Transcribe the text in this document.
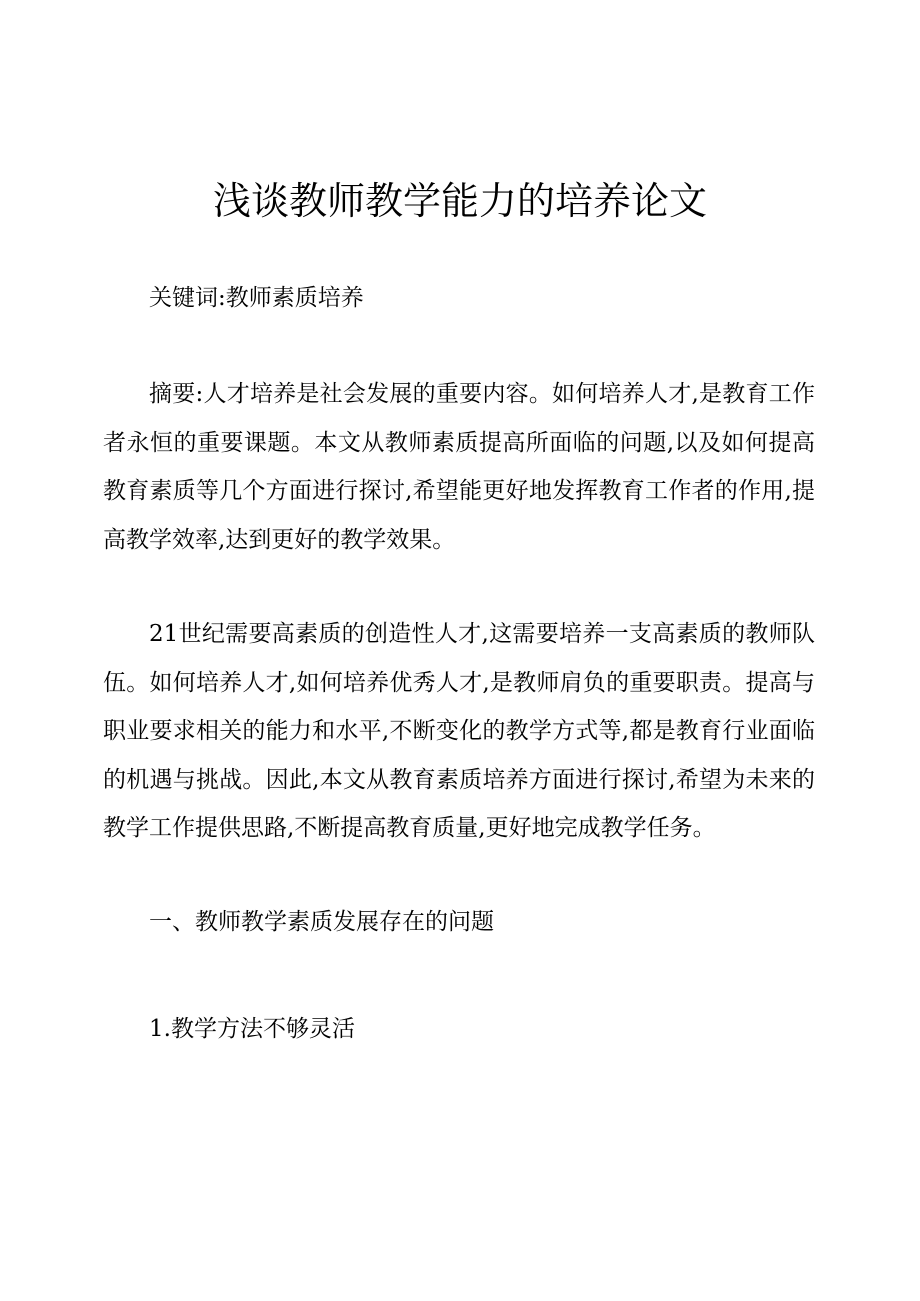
浅谈教师教学能力的培养论文

关键词:教师素质培养

摘要:人才培养是社会发展的重要内容。如何培养人才,是教育工作者永恒的重要课题。本文从教师素质提高所面临的问题,以及如何提高教育素质等几个方面进行探讨,希望能更好地发挥教育工作者的作用,提高教学效率,达到更好的教学效果。

21世纪需要高素质的创造性人才,这需要培养一支高素质的教师队伍。如何培养人才,如何培养优秀人才,是教师肩负的重要职责。提高与职业要求相关的能力和水平,不断变化的教学方式等,都是教育行业面临的机遇与挑战。因此,本文从教育素质培养方面进行探讨,希望为未来的教学工作提供思路,不断提高教育质量,更好地完成教学任务。

一、教师教学素质发展存在的问题

1.教学方法不够灵活
